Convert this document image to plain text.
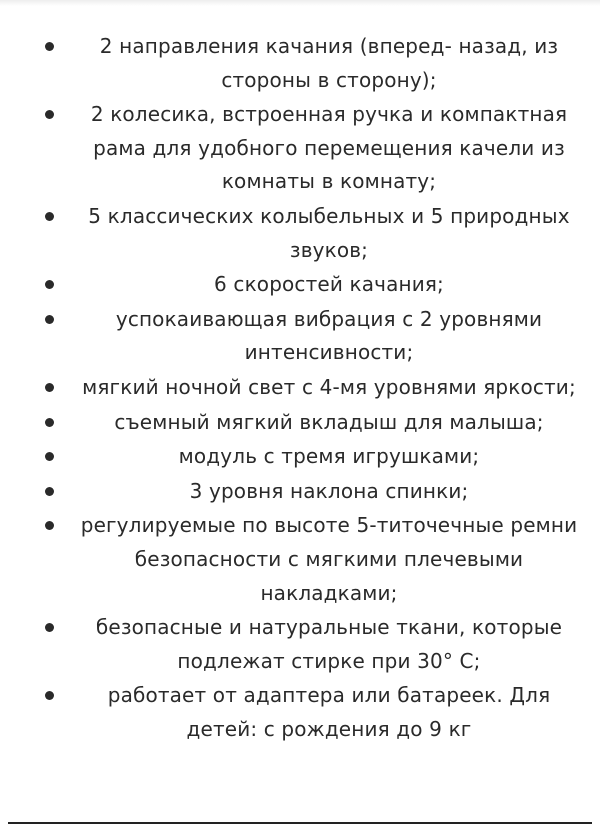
2 направления качания (вперед- назад, из стороны в сторону);
2 колесика, встроенная ручка и компактная рама для удобного перемещения качели из комнаты в комнату;
5 классических колыбельных и 5 природных звуков;
6 скоростей качания;
успокаивающая вибрация с 2 уровнями интенсивности;
мягкий ночной свет с 4-мя уровнями яркости;
съемный мягкий вкладыш для малыша;
модуль с тремя игрушками;
3 уровня наклона спинки;
регулируемые по высоте 5-титочечные ремни безопасности с мягкими плечевыми накладками;
безопасные и натуральные ткани, которые подлежат стирке при 30° С;
работает от адаптера или батареек. Для детей: с рождения до 9 кг
